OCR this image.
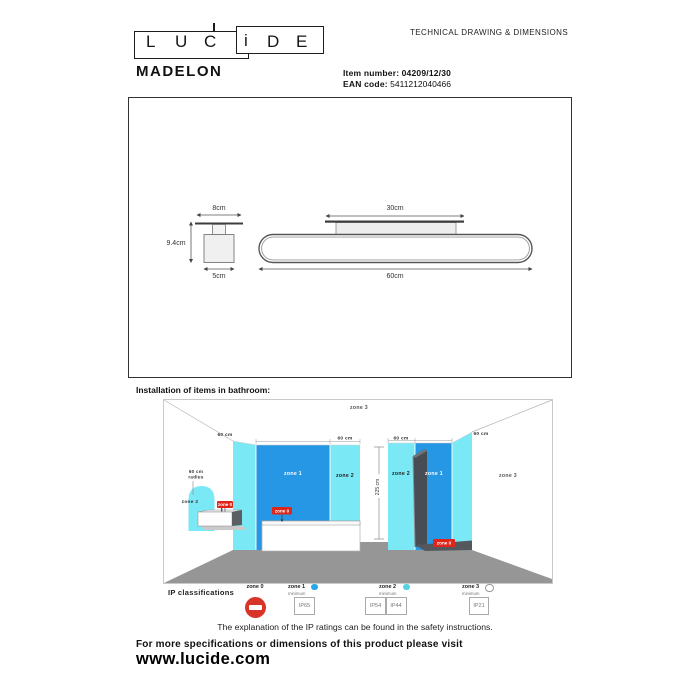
L U C i D E	TECHNICAL DRAWING & DIMENSIONS
MADELON	Item number: 04209/12/30
EAN code: 5411212040466
8cm
9.4cm
5cm
30cm
60cm
Installation of items in bathroom:
225 cm
zone 3
60 cm
60 cm	60 cm
60 cm
60 cm
radius
zone 2
zone 1	zone 2	zone 2	zone 1	zone 3
zone 0
zone 0
zone 0
IP classifications
zone 0	zone 1
minimum
IP65
zone 2
minimum
IP54 IP44
zone 3
minimum
IP21
The explanation of the IP ratings can be found in the safety instructions.
For more specifications or dimensions of this product please visit
www.lucide.com
